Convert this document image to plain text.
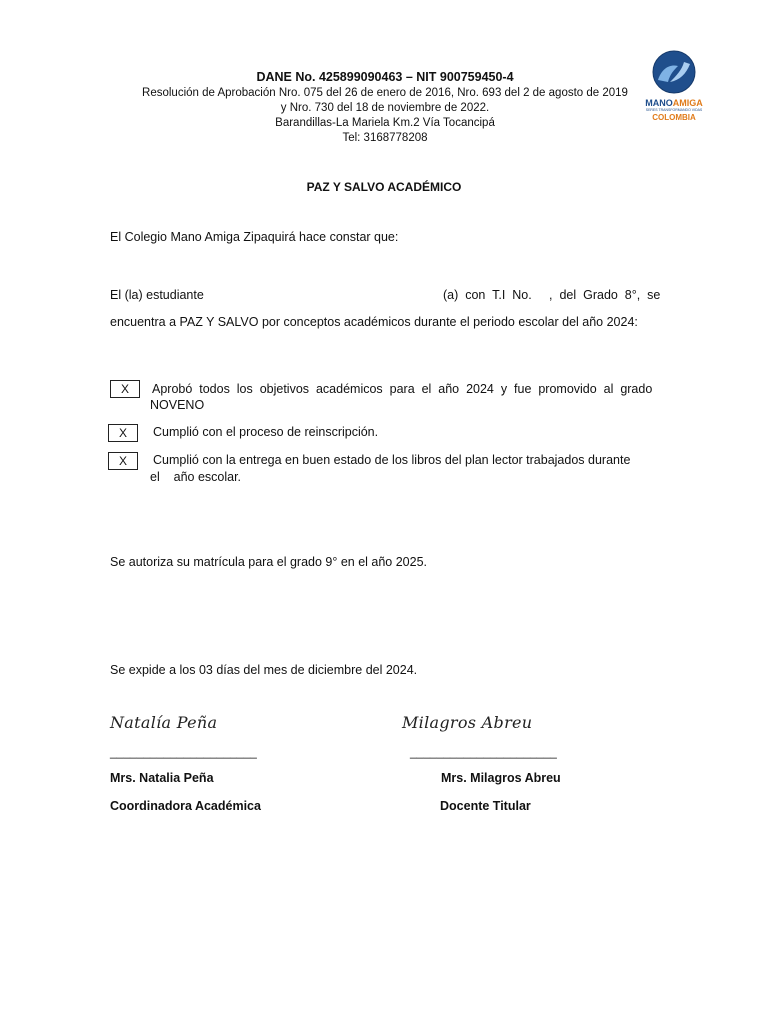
DANE No. 425899090463 – NIT 900759450-4
Resolución de Aprobación Nro. 075 del 26 de enero de 2016, Nro. 693 del 2 de agosto de 2019
y Nro. 730 del 18 de noviembre de 2022.
Barandillas-La Mariela Km.2 Vía Tocancipá
Tel: 3168778208
MANOAMIGA
SERES TRANSFORMANDO VIDAS
COLOMBIA
PAZ Y SALVO ACADÉMICO
El Colegio Mano Amiga Zipaquirá hace constar que:
El (la) estudiante	(a)  con  T.I  No.     ,  del  Grado  8°,  se
encuentra a PAZ Y SALVO por conceptos académicos durante el periodo escolar del año 2024:
X	Aprobó  todos  los  objetivos  académicos  para  el  año  2024  y  fue  promovido  al  grado
NOVENO
X	Cumplió con el proceso de reinscripción.
X	Cumplió con la entrega en buen estado de los libros del plan lector trabajados durante
el    año escolar.
Se autoriza su matrícula para el grado 9° en el año 2025.
Se expide a los 03 días del mes de diciembre del 2024.
Natalía Peña
______________________
Mrs. Natalia Peña
Coordinadora Académica
Milagros Abreu
______________________
Mrs. Milagros Abreu
Docente Titular
